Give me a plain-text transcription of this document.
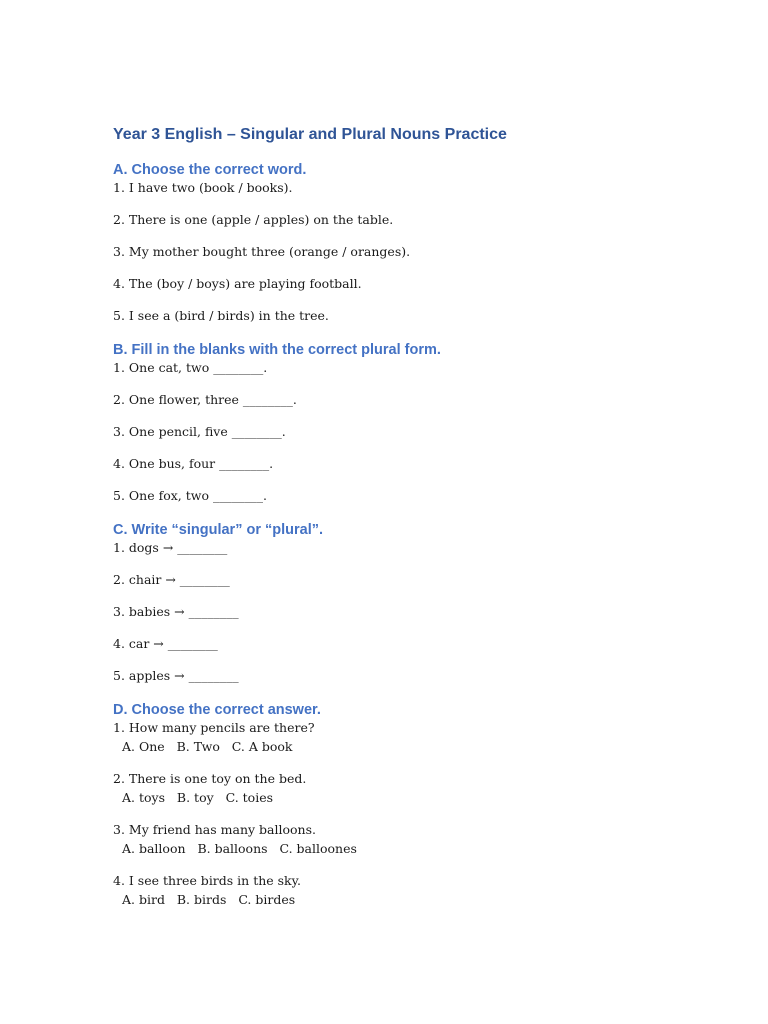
Year 3 English – Singular and Plural Nouns Practice
A. Choose the correct word.

1. I have two (book / books).

2. There is one (apple / apples) on the table.

3. My mother bought three (orange / oranges).

4. The (boy / boys) are playing football.

5. I see a (bird / birds) in the tree.

B. Fill in the blanks with the correct plural form.

1. One cat, two ________.

2. One flower, three ________.

3. One pencil, five ________.

4. One bus, four ________.

5. One fox, two ________.

C. Write “singular” or “plural”.

1. dogs → ________

2. chair → ________

3. babies → ________

4. car → ________

5. apples → ________

D. Choose the correct answer.

1. How many pencils are there?

A. One   B. Two   C. A book

2. There is one toy on the bed.

A. toys   B. toy   C. toies

3. My friend has many balloons.

A. balloon   B. balloons   C. balloones

4. I see three birds in the sky.

A. bird   B. birds   C. birdes
